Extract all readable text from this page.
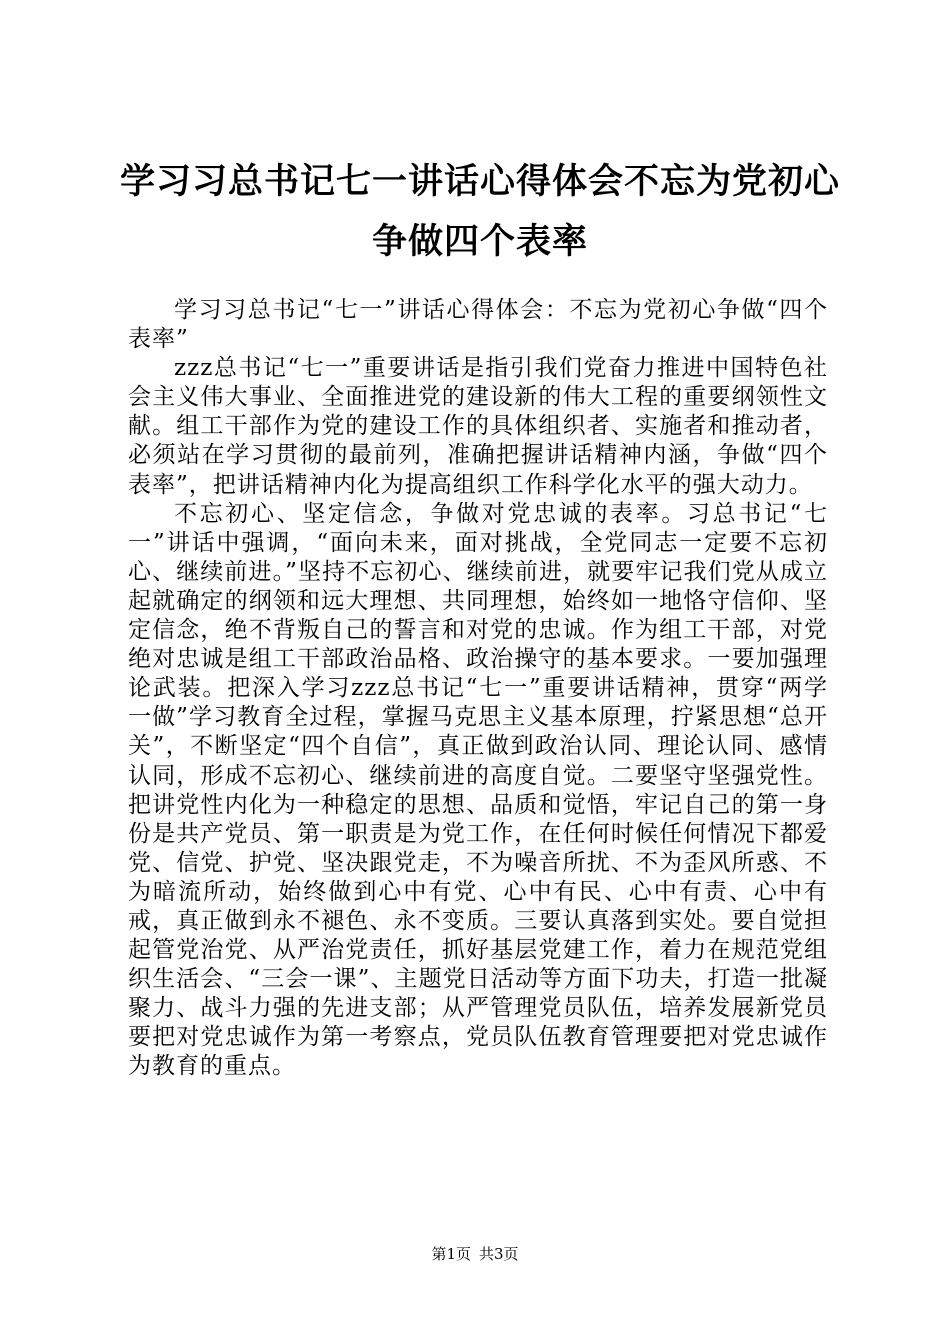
学习习总书记七一讲话心得体会不忘为党初心
争做四个表率

学习习总书记“七一”讲话心得体会：不忘为党初心争做“四个表率”

zzz总书记“七一”重要讲话是指引我们党奋力推进中国特色社会主义伟大事业、全面推进党的建设新的伟大工程的重要纲领性文献。组工干部作为党的建设工作的具体组织者、实施者和推动者，必须站在学习贯彻的最前列，准确把握讲话精神内涵，争做“四个表率”，把讲话精神内化为提高组织工作科学化水平的强大动力。

不忘初心、坚定信念，争做对党忠诚的表率。习总书记“七一”讲话中强调，“面向未来，面对挑战，全党同志一定要不忘初心、继续前进。”坚持不忘初心、继续前进，就要牢记我们党从成立起就确定的纲领和远大理想、共同理想，始终如一地恪守信仰、坚定信念，绝不背叛自己的誓言和对党的忠诚。作为组工干部，对党绝对忠诚是组工干部政治品格、政治操守的基本要求。一要加强理论武装。把深入学习zzz总书记“七一”重要讲话精神，贯穿“两学一做”学习教育全过程，掌握马克思主义基本原理，拧紧思想“总开关”，不断坚定“四个自信”，真正做到政治认同、理论认同、感情认同，形成不忘初心、继续前进的高度自觉。二要坚守坚强党性。把讲党性内化为一种稳定的思想、品质和觉悟，牢记自己的第一身份是共产党员、第一职责是为党工作，在任何时候任何情况下都爱党、信党、护党、坚决跟党走，不为噪音所扰、不为歪风所惑、不为暗流所动，始终做到心中有党、心中有民、心中有责、心中有戒，真正做到永不褪色、永不变质。三要认真落到实处。要自觉担起管党治党、从严治党责任，抓好基层党建工作，着力在规范党组织生活会、“三会一课”、主题党日活动等方面下功夫，打造一批凝聚力、战斗力强的先进支部；从严管理党员队伍，培养发展新党员要把对党忠诚作为第一考察点，党员队伍教育管理要把对党忠诚作为教育的重点。

第1页 共3页
